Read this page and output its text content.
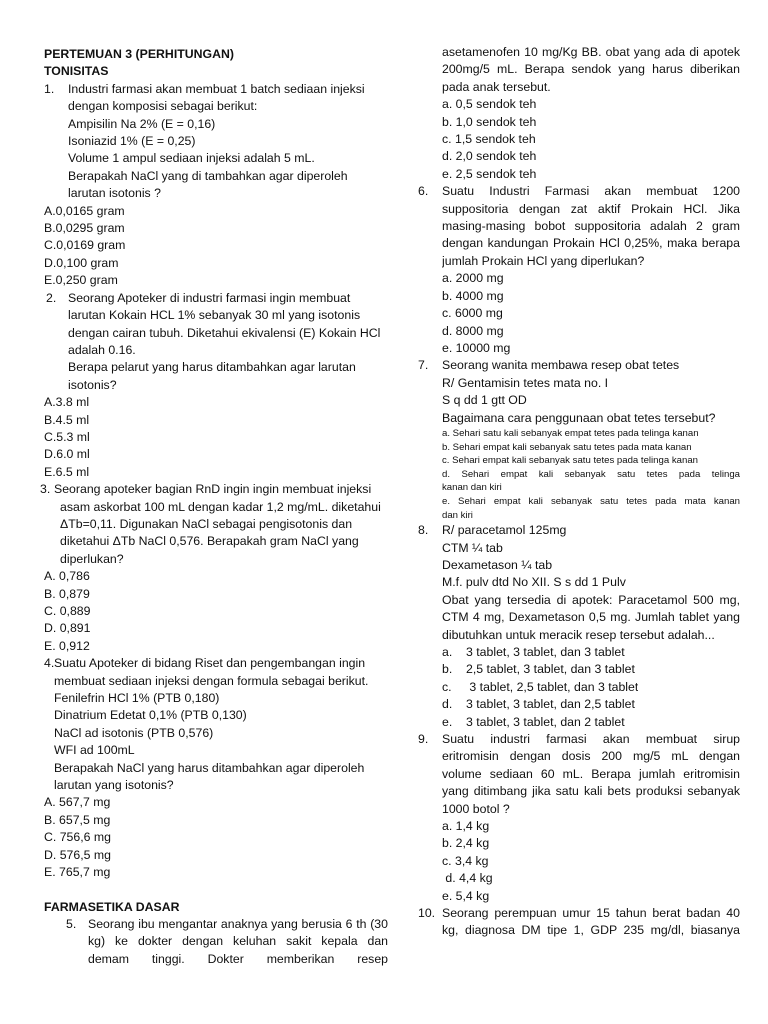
PERTEMUAN 3 (PERHITUNGAN)
TONISITAS
1.	Industri farmasi akan membuat 1 batch sediaan injeksi
dengan komposisi sebagai berikut:
Ampisilin Na 2% (E = 0,16)
Isoniazid 1% (E = 0,25)
Volume 1 ampul sediaan injeksi adalah 5 mL.
Berapakah NaCl yang di tambahkan agar diperoleh
larutan isotonis ?
A.0,0165 gram
B.0,0295 gram
C.0,0169 gram
D.0,100 gram
E.0,250 gram
2. Seorang Apoteker di industri farmasi ingin membuat
larutan Kokain HCL 1% sebanyak 30 ml yang isotonis
dengan cairan tubuh. Diketahui ekivalensi (E) Kokain HCl
adalah 0.16.
Berapa pelarut yang harus ditambahkan agar larutan
isotonis?
A.3.8 ml
B.4.5 ml
C.5.3 ml
D.6.0 ml
E.6.5 ml
3. Seorang apoteker bagian RnD ingin ingin membuat injeksi
asam askorbat 100 mL dengan kadar 1,2 mg/mL. diketahui
ΔTb=0,11. Digunakan NaCl sebagai pengisotonis dan
diketahui ΔTb NaCl 0,576. Berapakah gram NaCl yang
diperlukan?
A. 0,786
B. 0,879
C. 0,889
D. 0,891
E. 0,912
4. Suatu Apoteker di bidang Riset dan pengembangan ingin
membuat sediaan injeksi dengan formula sebagai berikut.
Fenilefrin HCl 1% (PTB 0,180)
Dinatrium Edetat 0,1% (PTB 0,130)
NaCl ad isotonis (PTB 0,576)
WFI ad 100mL
Berapakah NaCl yang harus ditambahkan agar diperoleh
larutan yang isotonis?
A. 567,7 mg
B. 657,5 mg
C. 756,6 mg
D. 576,5 mg
E. 765,7 mg
FARMASETIKA DASAR
5. Seorang ibu mengantar anaknya yang berusia 6 th (30
kg) ke dokter dengan keluhan sakit kepala dan
demam tinggi. Dokter memberikan resep
asetamenofen 10 mg/Kg BB. obat yang ada di apotek
200mg/5 mL. Berapa sendok yang harus diberikan
pada anak tersebut.
a. 0,5 sendok teh
b. 1,0 sendok teh
c. 1,5 sendok teh
d. 2,0 sendok teh
e. 2,5 sendok teh
6.	Suatu Industri Farmasi akan membuat 1200
suppositoria dengan zat aktif Prokain HCl. Jika
masing-masing bobot suppositoria adalah 2 gram
dengan kandungan Prokain HCl 0,25%, maka berapa
jumlah Prokain HCl yang diperlukan?
a. 2000 mg
b. 4000 mg
c. 6000 mg
d. 8000 mg
e. 10000 mg
7.	Seorang wanita membawa resep obat tetes
R/ Gentamisin tetes mata no. I
S q dd 1 gtt OD
Bagaimana cara penggunaan obat tetes tersebut?
a. Sehari satu kali sebanyak empat tetes pada telinga kanan
b. Sehari empat kali sebanyak satu tetes pada mata kanan
c. Sehari empat kali sebanyak satu tetes pada telinga kanan
d. Sehari empat kali sebanyak satu tetes pada telinga
kanan dan kiri
e. Sehari empat kali sebanyak satu tetes pada mata kanan
dan kiri
8.	R/ paracetamol 125mg
CTM ¼ tab
Dexametason ¼ tab
M.f. pulv dtd No XII. S s dd 1 Pulv
Obat yang tersedia di apotek: Paracetamol 500 mg,
CTM 4 mg, Dexametason 0,5 mg. Jumlah tablet yang
dibutuhkan untuk meracik resep tersebut adalah...
a.	3 tablet, 3 tablet, dan 3 tablet
b.	2,5 tablet, 3 tablet, dan 3 tablet
c.	3 tablet, 2,5 tablet, dan 3 tablet
d.	3 tablet, 3 tablet, dan 2,5 tablet
e.	3 tablet, 3 tablet, dan 2 tablet
9.	Suatu industri farmasi akan membuat sirup
eritromisin dengan dosis 200 mg/5 mL dengan
volume sediaan 60 mL. Berapa jumlah eritromisin
yang ditimbang jika satu kali bets produksi sebanyak
1000 botol ?
a. 1,4 kg
b. 2,4 kg
c. 3,4 kg
d. 4,4 kg
e. 5,4 kg
10. Seorang perempuan umur 15 tahun berat badan 40
kg, diagnosa DM tipe 1, GDP 235 mg/dl, biasanya
